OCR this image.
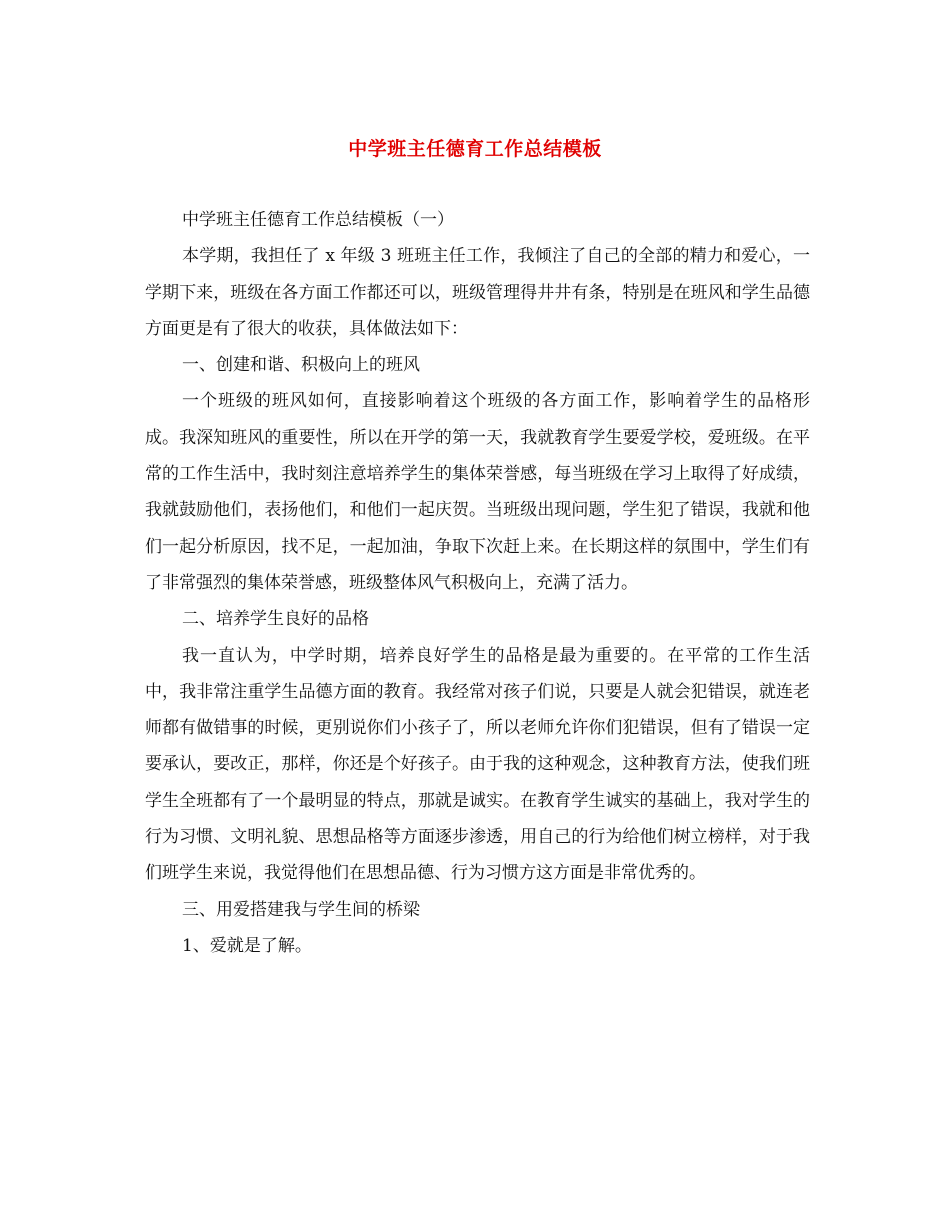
中学班主任德育工作总结模板

中学班主任德育工作总结模板（一）

本学期，我担任了 x 年级 3 班班主任工作，我倾注了自己的全部的精力和爱心，一学期下来，班级在各方面工作都还可以，班级管理得井井有条，特别是在班风和学生品德方面更是有了很大的收获，具体做法如下：

一、创建和谐、积极向上的班风

一个班级的班风如何，直接影响着这个班级的各方面工作，影响着学生的品格形成。我深知班风的重要性，所以在开学的第一天，我就教育学生要爱学校，爱班级。在平常的工作生活中，我时刻注意培养学生的集体荣誉感，每当班级在学习上取得了好成绩，我就鼓励他们，表扬他们，和他们一起庆贺。当班级出现问题，学生犯了错误，我就和他们一起分析原因，找不足，一起加油，争取下次赶上来。在长期这样的氛围中，学生们有了非常强烈的集体荣誉感，班级整体风气积极向上，充满了活力。

二、培养学生良好的品格

我一直认为，中学时期，培养良好学生的品格是最为重要的。在平常的工作生活中，我非常注重学生品德方面的教育。我经常对孩子们说，只要是人就会犯错误，就连老师都有做错事的时候，更别说你们小孩子了，所以老师允许你们犯错误，但有了错误一定要承认，要改正，那样，你还是个好孩子。由于我的这种观念，这种教育方法，使我们班学生全班都有了一个最明显的特点，那就是诚实。在教育学生诚实的基础上，我对学生的行为习惯、文明礼貌、思想品格等方面逐步渗透，用自己的行为给他们树立榜样，对于我们班学生来说，我觉得他们在思想品德、行为习惯方这方面是非常优秀的。

三、用爱搭建我与学生间的桥梁

1、爱就是了解。
